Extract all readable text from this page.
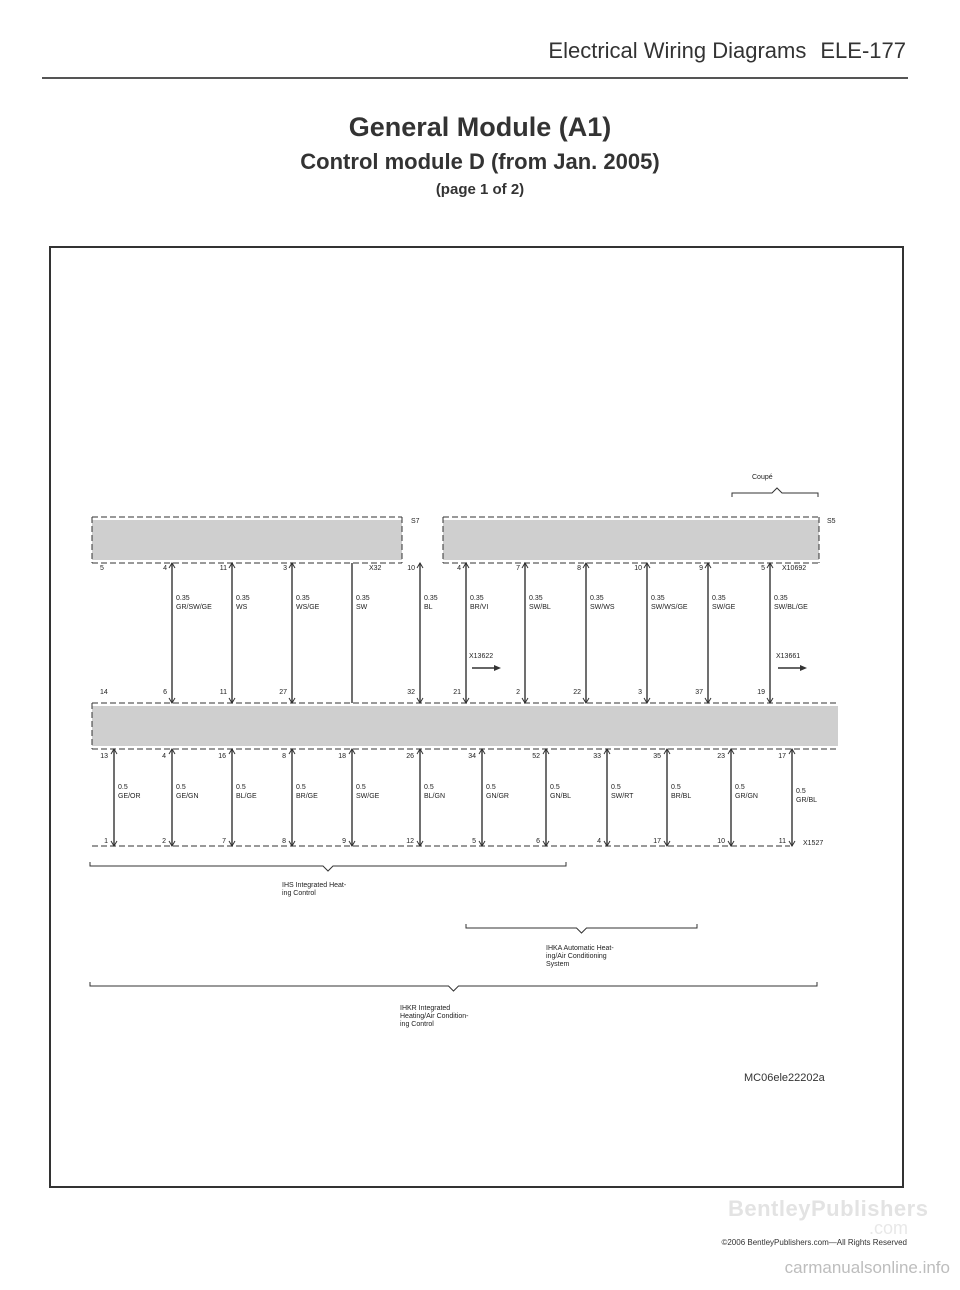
Electrical Wiring Diagrams ELE-177
General Module (A1)
Control module D (from Jan. 2005)
(page 1 of 2)
S7	S5
X32	X10692
X13622	X13661
X1527
Coupé
5
14
4
6
0.35
GR/SW/GE
11
11
0.35
WS
3
27
0.35
WS/GE
0.35
SW
10
32
0.35
BL
4
21
0.35
BR/VI
7
2
0.35
SW/BL
8
22
0.35
SW/WS
10
3
0.35
SW/WS/GE
9
37
0.35
SW/GE
5
19
0.35
SW/BL/GE
13
1
0.5
GE/OR
4
2
0.5
GE/GN
16
7
0.5
BL/GE
8
8
0.5
BR/GE
18
9
0.5
SW/GE
26
12
0.5
BL/GN
34
5
0.5
GN/GR
52
6
0.5
GN/BL
33
4
0.5
SW/RT
35
17
0.5
BR/BL
23
10
0.5
GR/GN
17
11
0.5
GR/BL
IHS Integrated Heat-
ing Control
IHKA Automatic Heat-
ing/Air Conditioning
System
IHKR Integrated
Heating/Air Condition-
ing Control
MC06ele22202a
BentleyPublishers
.com
©2006 BentleyPublishers.com—All Rights Reserved
carmanualsonline.info
